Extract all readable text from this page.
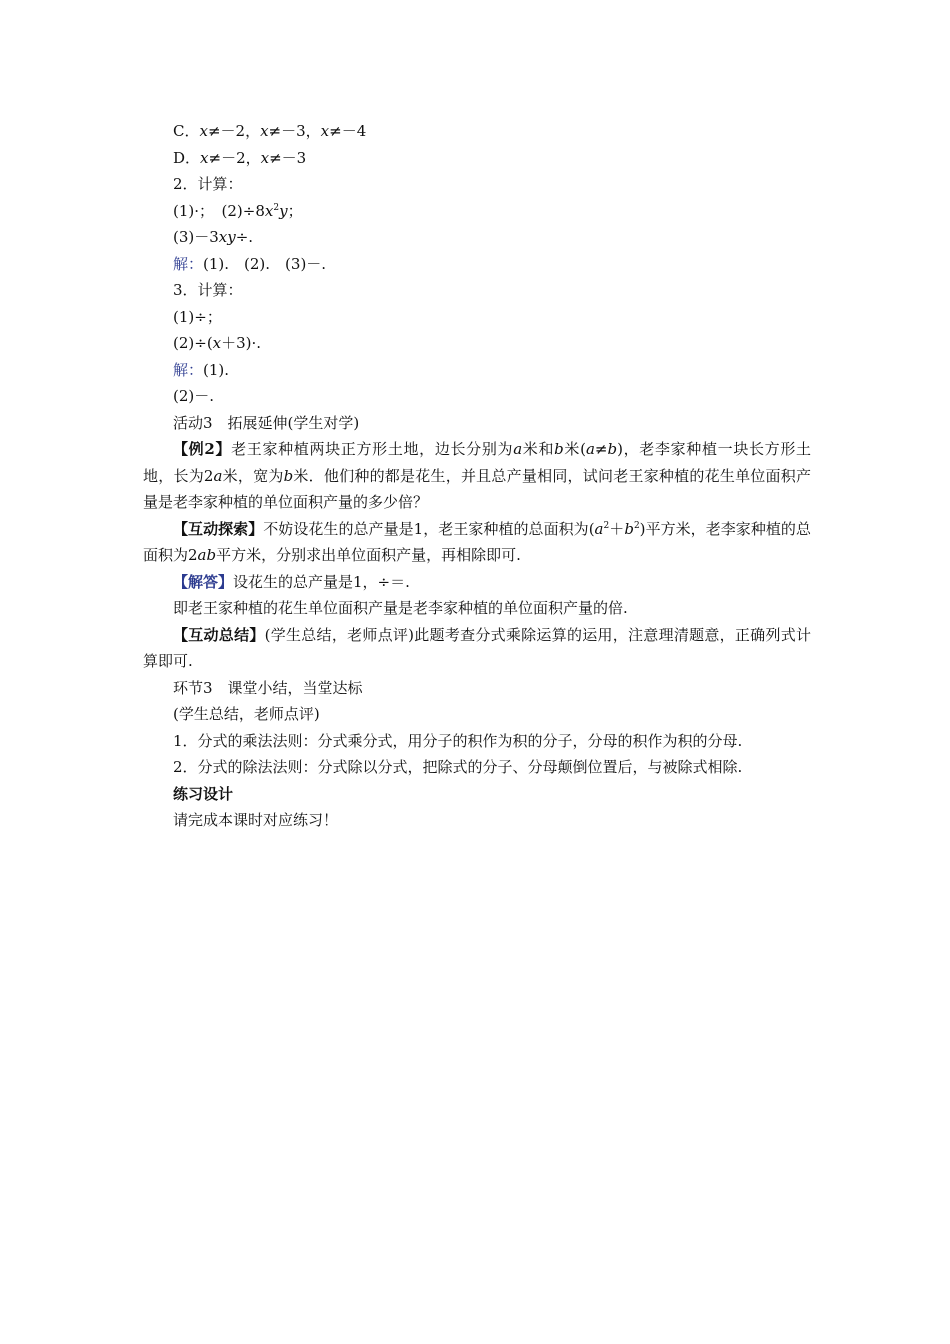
C．x≠－2，x≠－3，x≠－4
D．x≠－2，x≠－3
2．计算：
(1)·；　$(2)\div 8x^2y$；
(3)－3xy÷.
解：(1).　(2).　(3)－.
3．计算：
(1)÷；
(2)÷(x＋3)·.
解：(1).
(2)－.
活动3　拓展延伸(学生对学)
【例2】老王家种植两块正方形土地，边长分别为a米和b米(a≠b)，老李家种植一块长方形土地，长为2a米，宽为b米．他们种的都是花生，并且总产量相同，试问老王家种植的花生单位面积产量是老李家种植的单位面积产量的多少倍？
【互动探索】不妨设花生的总产量是1，老王家种植的总面积为$(a^2+b^2)$平方米，老李家种植的总面积为2ab平方米，分别求出单位面积产量，再相除即可.
【解答】设花生的总产量是1，÷＝.
即老王家种植的花生单位面积产量是老李家种植的单位面积产量的倍.
【互动总结】(学生总结，老师点评)此题考查分式乘除运算的运用，注意理清题意，正确列式计算即可.
环节3　课堂小结，当堂达标
(学生总结，老师点评)
1．分式的乘法法则：分式乘分式，用分子的积作为积的分子，分母的积作为积的分母.
2．分式的除法法则：分式除以分式，把除式的分子、分母颠倒位置后，与被除式相除.
练习设计
请完成本课时对应练习！
